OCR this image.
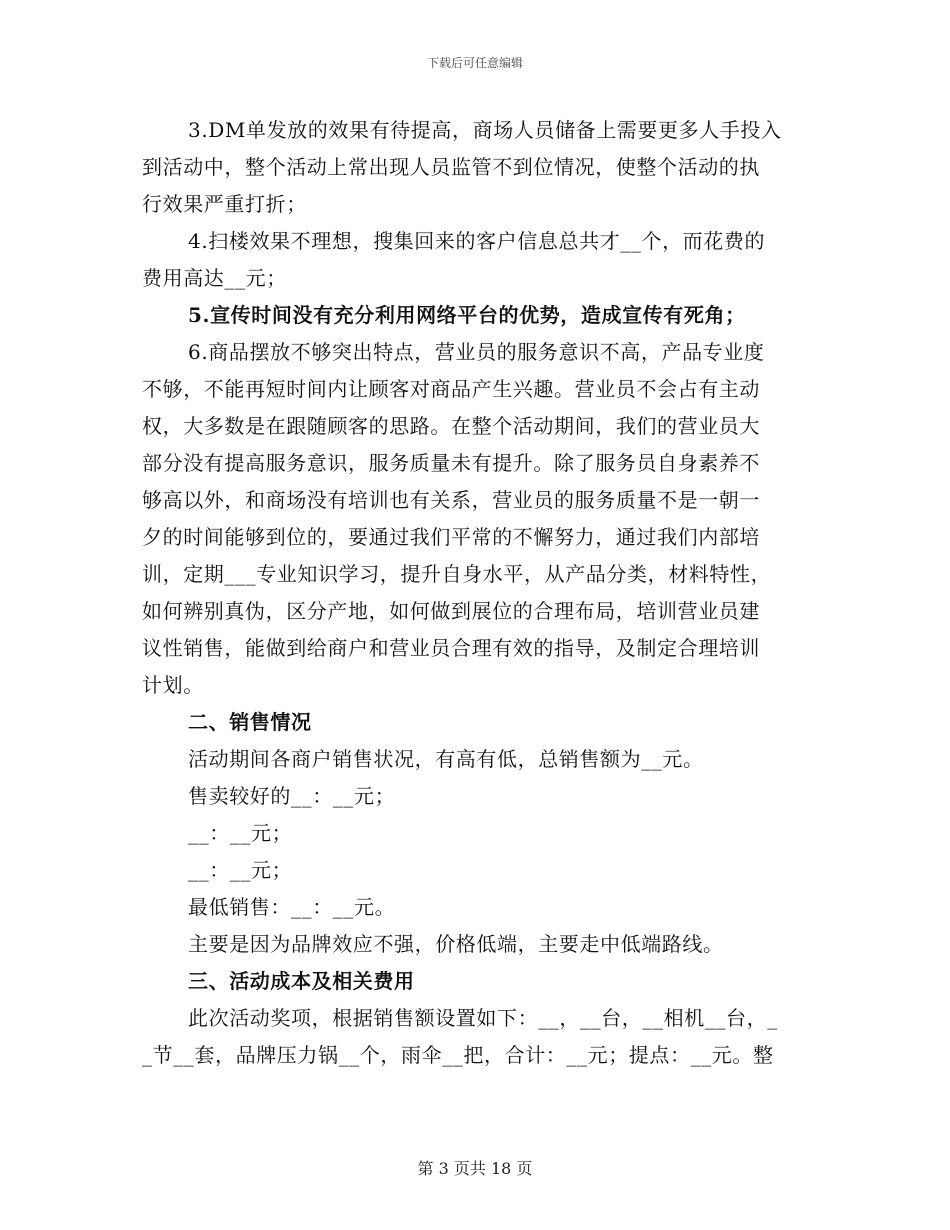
下载后可任意编辑
3.DM单发放的效果有待提高，商场人员储备上需要更多人手投入
到活动中，整个活动上常出现人员监管不到位情况，使整个活动的执
行效果严重打折；
4.扫楼效果不理想，搜集回来的客户信息总共才__个，而花费的
费用高达__元；
5.宣传时间没有充分利用网络平台的优势，造成宣传有死角；
6.商品摆放不够突出特点，营业员的服务意识不高，产品专业度
不够，不能再短时间内让顾客对商品产生兴趣。营业员不会占有主动
权，大多数是在跟随顾客的思路。在整个活动期间，我们的营业员大
部分没有提高服务意识，服务质量未有提升。除了服务员自身素养不
够高以外，和商场没有培训也有关系，营业员的服务质量不是一朝一
夕的时间能够到位的，要通过我们平常的不懈努力，通过我们内部培
训，定期___专业知识学习，提升自身水平，从产品分类，材料特性，
如何辨别真伪，区分产地，如何做到展位的合理布局，培训营业员建
议性销售，能做到给商户和营业员合理有效的指导，及制定合理培训
计划。
二、销售情况
活动期间各商户销售状况，有高有低，总销售额为__元。
售卖较好的__：__元；
__：__元；
__：__元；
最低销售：__：__元。
主要是因为品牌效应不强，价格低端，主要走中低端路线。
三、活动成本及相关费用
此次活动奖项，根据销售额设置如下：__，__台，__相机__台，_
_节__套，品牌压力锅__个，雨伞__把，合计：__元；提点：__元。整
第 3 页共 18 页
